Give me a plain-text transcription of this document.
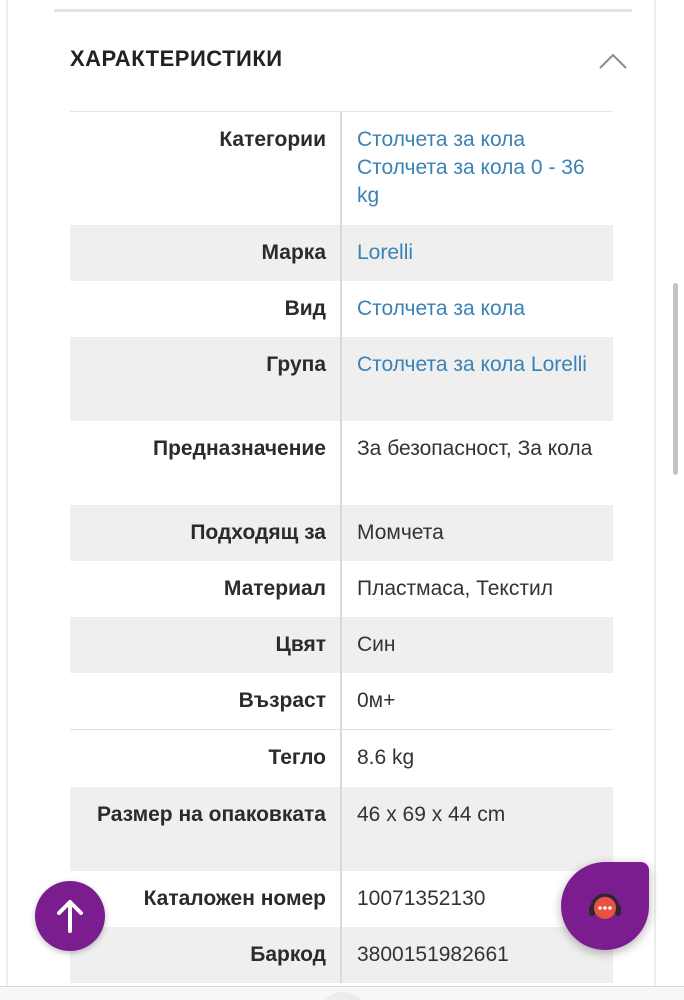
ХАРАКТЕРИСТИКИ
Категории	Столчета за кола Столчета за кола 0 - 36 kg
Марка	Lorelli
Вид	Столчета за кола
Група	Столчета за кола Lorelli
Предназначение	За безопасност, За кола
Подходящ за	Момчета
Материал	Пластмаса, Текстил
Цвят	Син
Възраст	0м+
Тегло	8.6 kg
Размер на опаковката	46 x 69 x 44 cm
Каталожен номер	10071352130
Баркод	3800151982661
